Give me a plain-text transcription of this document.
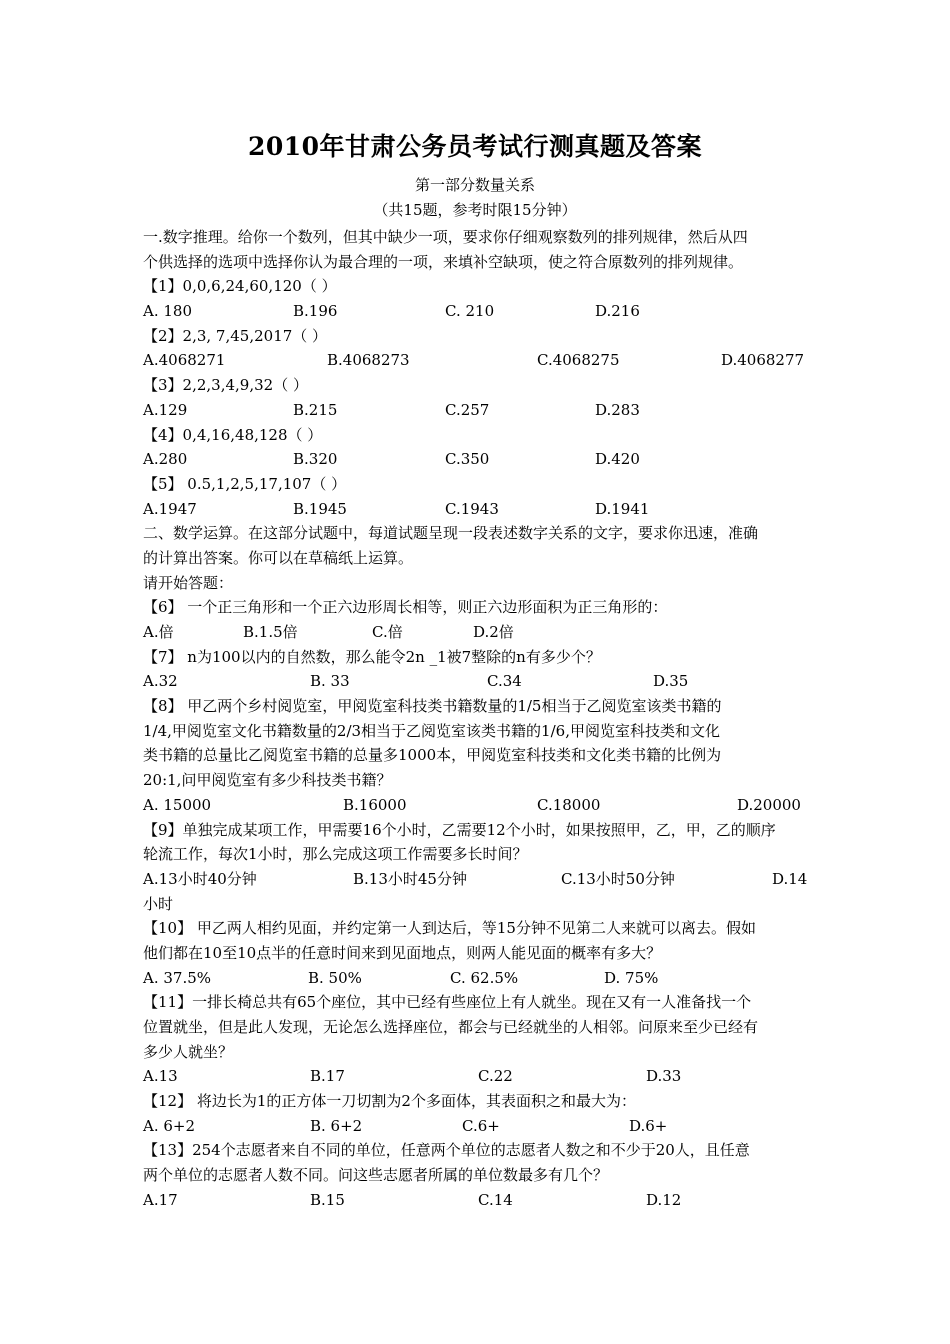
2010年甘肃公务员考试行测真题及答案
第一部分数量关系
（共15题，参考时限15分钟）
一.数字推理。给你一个数列，但其中缺少一项，要求你仔细观察数列的排列规律，然后从四
个供选择的选项中选择你认为最合理的一项，来填补空缺项，使之符合原数列的排列规律。
【1】0,0,6,24,60,120（ ）
A. 180	B.196	C. 210	D.216
【2】2,3, 7,45,2017（ ）
A.4068271	B.4068273	C.4068275	D.4068277
【3】2,2,3,4,9,32（ ）
A.129	B.215	C.257	D.283
【4】0,4,16,48,128（ ）
A.280	B.320	C.350	D.420
【5】 0.5,1,2,5,17,107（ ）
A.1947	B.1945	C.1943	D.1941
二、数学运算。在这部分试题中，每道试题呈现一段表述数字关系的文字，要求你迅速，准确
的计算出答案。你可以在草稿纸上运算。
请开始答题：
【6】 一个正三角形和一个正六边形周长相等，则正六边形面积为正三角形的：
A.倍	B.1.5倍	C.倍	D.2倍
【7】 n为100以内的自然数，那么能令2n _1被7整除的n有多少个？
A.32	B. 33	C.34	D.35
【8】 甲乙两个乡村阅览室，甲阅览室科技类书籍数量的1/5相当于乙阅览室该类书籍的
1/4,甲阅览室文化书籍数量的2/3相当于乙阅览室该类书籍的1/6,甲阅览室科技类和文化
类书籍的总量比乙阅览室书籍的总量多1000本，甲阅览室科技类和文化类书籍的比例为
20:1,问甲阅览室有多少科技类书籍？
A. 15000	B.16000	C.18000	D.20000
【9】单独完成某项工作，甲需要16个小时，乙需要12个小时，如果按照甲，乙，甲，乙的顺序
轮流工作，每次1小时，那么完成这项工作需要多长时间？
A.13小时40分钟	B.13小时45分钟	C.13小时50分钟	D.14
小时
【10】 甲乙两人相约见面，并约定第一人到达后，等15分钟不见第二人来就可以离去。假如
他们都在10至10点半的任意时间来到见面地点，则两人能见面的概率有多大？
A. 37.5%	B. 50%	C. 62.5%	D. 75%
【11】一排长椅总共有65个座位，其中已经有些座位上有人就坐。现在又有一人准备找一个
位置就坐，但是此人发现，无论怎么选择座位，都会与已经就坐的人相邻。问原来至少已经有
多少人就坐？
A.13	B.17	C.22	D.33
【12】 将边长为1的正方体一刀切割为2个多面体，其表面积之和最大为：
A. 6+2	B. 6+2	C.6+	D.6+
【13】254个志愿者来自不同的单位，任意两个单位的志愿者人数之和不少于20人，且任意
两个单位的志愿者人数不同。问这些志愿者所属的单位数最多有几个？
A.17	B.15	C.14	D.12
